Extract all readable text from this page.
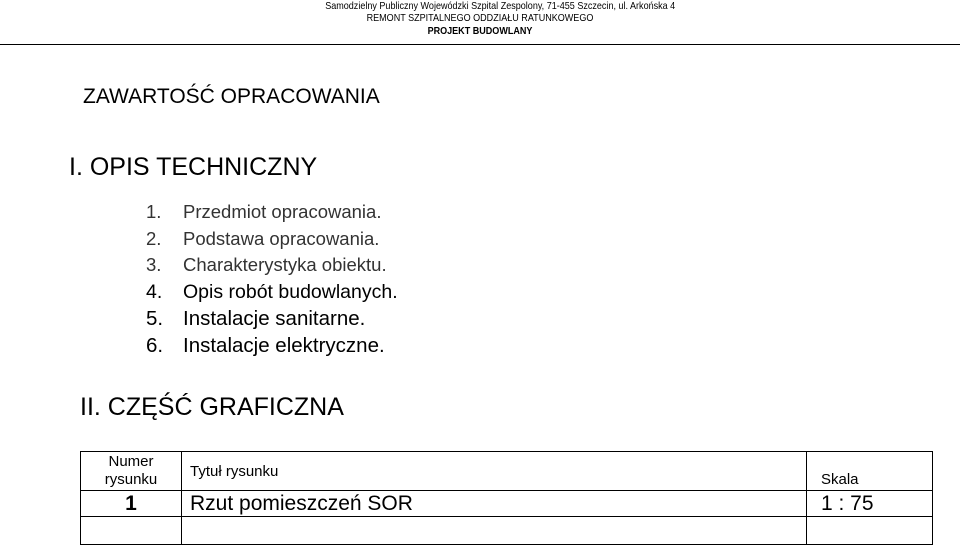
Samodzielny Publiczny Wojewódzki Szpital Zespolony, 71-455 Szczecin, ul. Arkońska 4
REMONT SZPITALNEGO ODDZIAŁU RATUNKOWEGO
PROJEKT BUDOWLANY
ZAWARTOŚĆ OPRACOWANIA
I. OPIS TECHNICZNY
1. Przedmiot opracowania.
2. Podstawa opracowania.
3. Charakterystyka obiektu.
4. Opis robót budowlanych.
5. Instalacje sanitarne.
6. Instalacje elektryczne.
II. CZĘŚĆ GRAFICZNA
Numer
rysunku	Tytuł rysunku	Skala
1	Rzut pomieszczeń SOR	1 : 75
